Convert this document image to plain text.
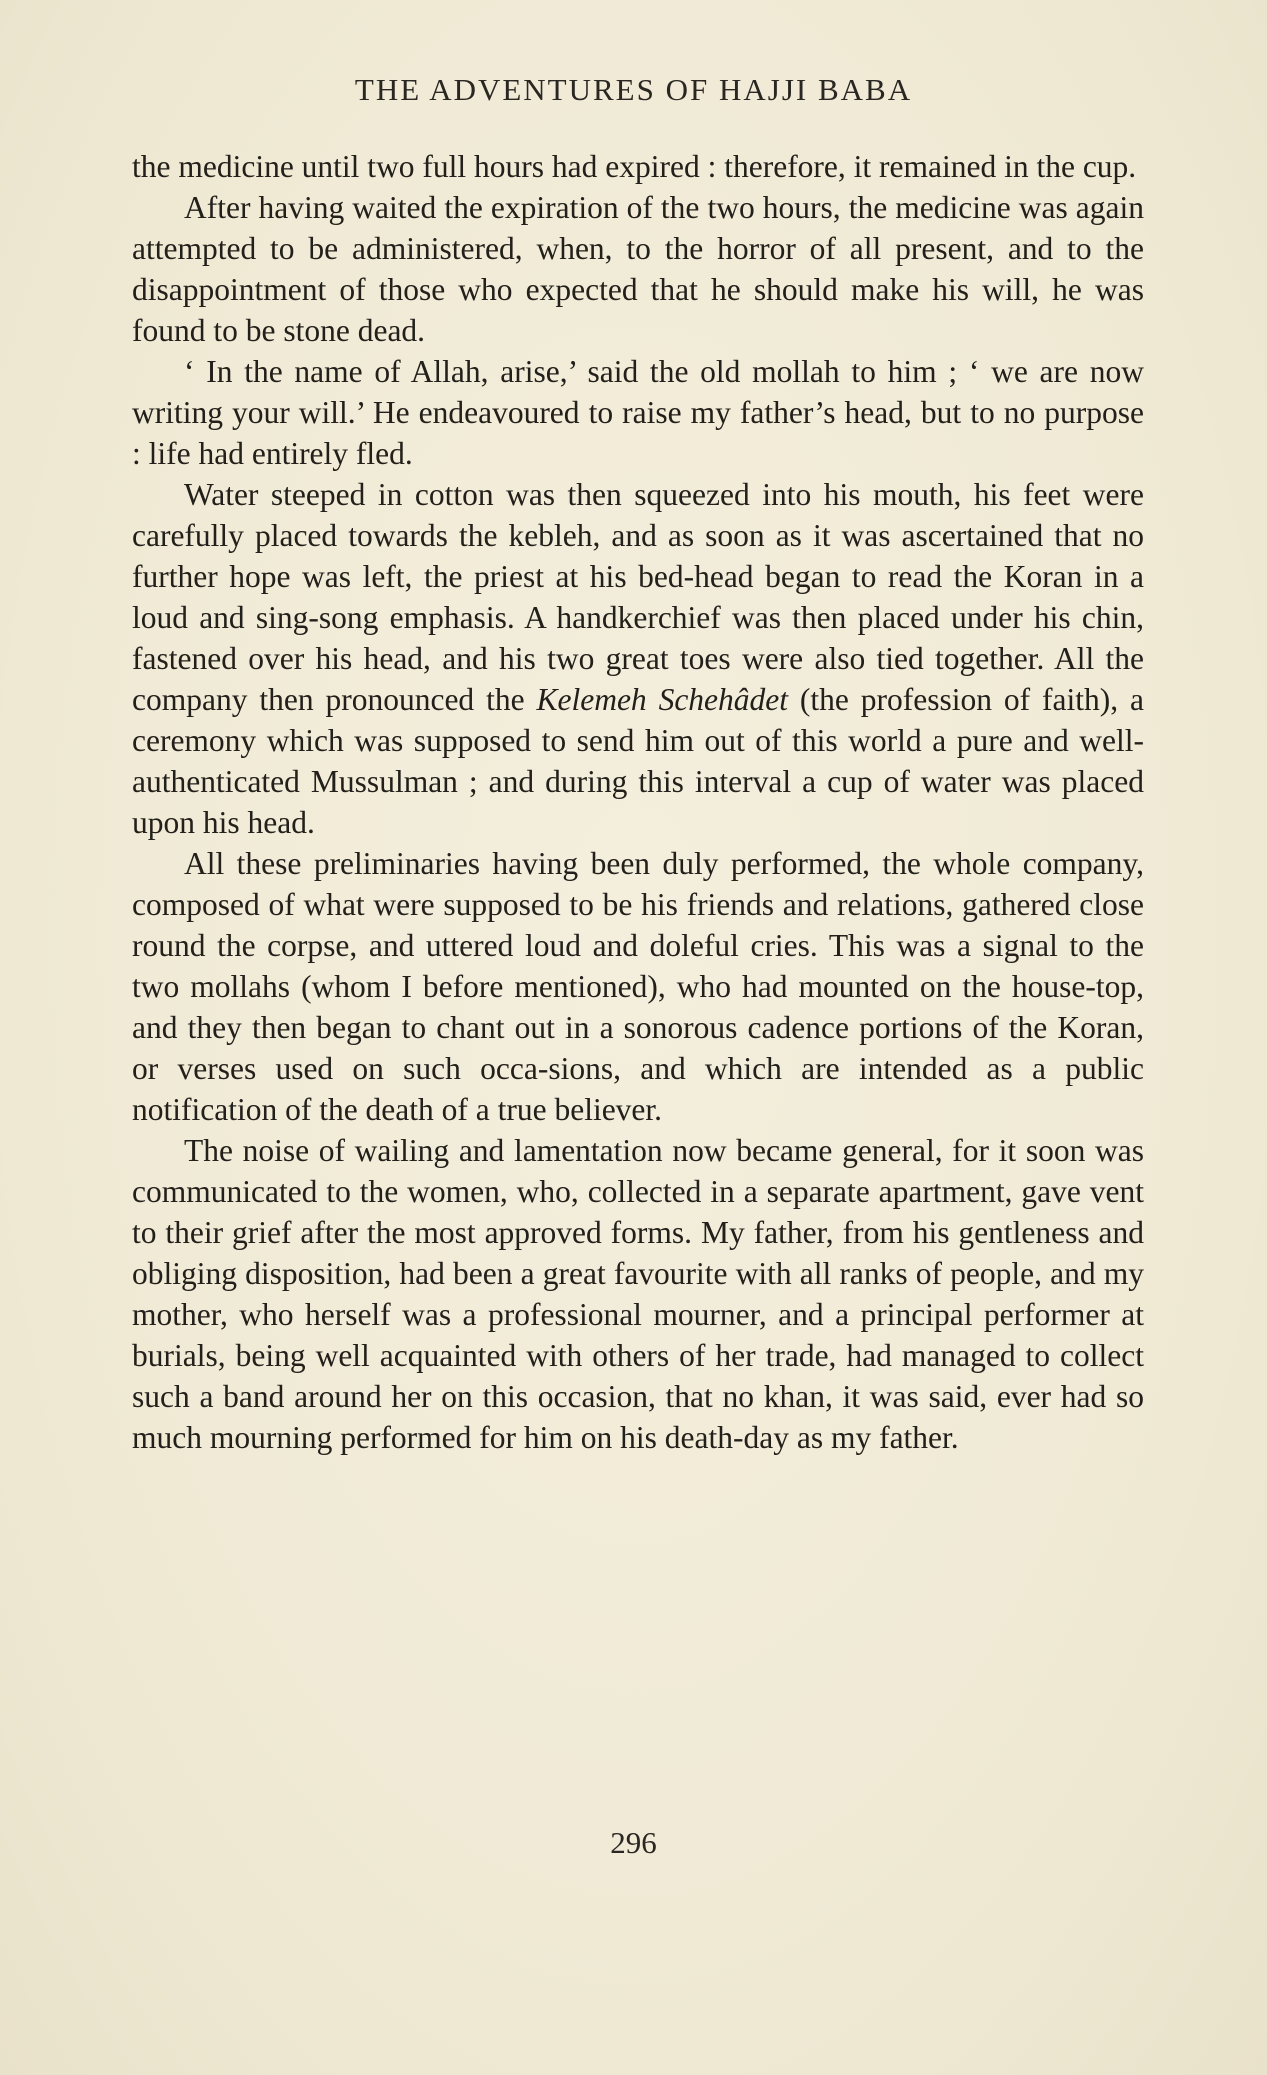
THE ADVENTURES OF HAJJI BABA

the medicine until two full hours had expired : therefore, it remained in the cup.

After having waited the expiration of the two hours, the medicine was again attempted to be administered, when, to the horror of all present, and to the disappointment of those who expected that he should make his will, he was found to be stone dead.

‘ In the name of Allah, arise,’ said the old mollah to him ; ‘ we are now writing your will.’ He endeavoured to raise my father’s head, but to no purpose : life had entirely fled.

Water steeped in cotton was then squeezed into his mouth, his feet were carefully placed towards the kebleh, and as soon as it was ascertained that no further hope was left, the priest at his bed-head began to read the Koran in a loud and sing-song emphasis. A handkerchief was then placed under his chin, fastened over his head, and his two great toes were also tied together. All the company then pronounced the Kelemeh Schehâdet (the profession of faith), a ceremony which was supposed to send him out of this world a pure and well-authenticated Mussulman ; and during this interval a cup of water was placed upon his head.

All these preliminaries having been duly performed, the whole company, composed of what were supposed to be his friends and relations, gathered close round the corpse, and uttered loud and doleful cries. This was a signal to the two mollahs (whom I before mentioned), who had mounted on the house-top, and they then began to chant out in a sonorous cadence portions of the Koran, or verses used on such occa-sions, and which are intended as a public notification of the death of a true believer.

The noise of wailing and lamentation now became general, for it soon was communicated to the women, who, collected in a separate apartment, gave vent to their grief after the most approved forms. My father, from his gentleness and obliging disposition, had been a great favourite with all ranks of people, and my mother, who herself was a professional mourner, and a principal performer at burials, being well acquainted with others of her trade, had managed to collect such a band around her on this occasion, that no khan, it was said, ever had so much mourning performed for him on his death-day as my father.

296
